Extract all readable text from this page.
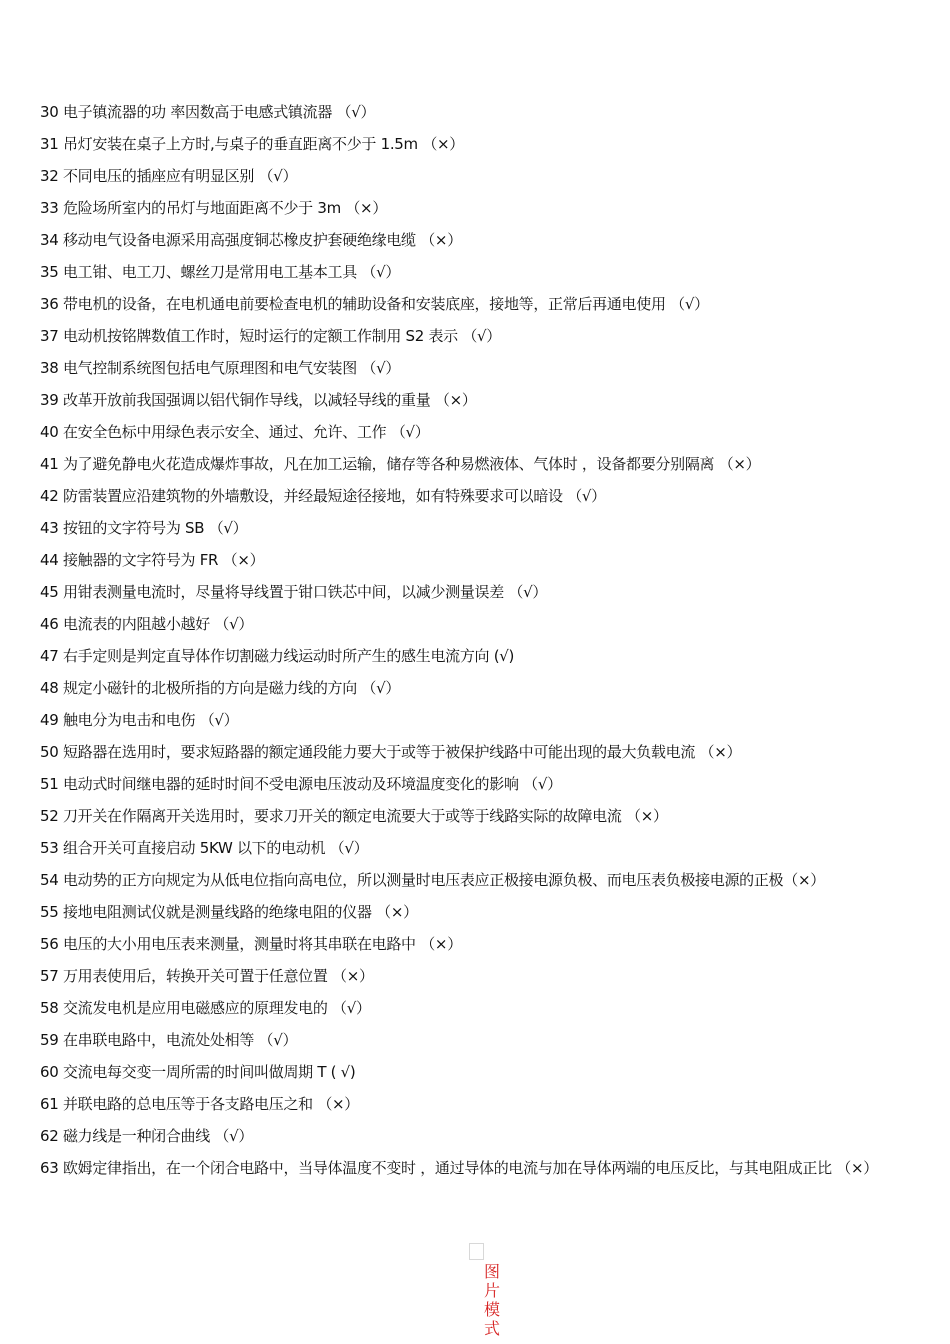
30 电子镇流器的功 率因数高于电感式镇流器 （√）
31 吊灯安装在桌子上方时,与桌子的垂直距离不少于 1.5m （×）
32 不同电压的插座应有明显区别 （√）
33 危险场所室内的吊灯与地面距离不少于 3m （×）
34 移动电气设备电源采用高强度铜芯橡皮护套硬绝缘电缆 （×）
35 电工钳、电工刀、螺丝刀是常用电工基本工具 （√）
36 带电机的设备，在电机通电前要检查电机的辅助设备和安装底座，接地等，正常后再通电使用 （√）
37 电动机按铭牌数值工作时，短时运行的定额工作制用 S2 表示 （√）
38 电气控制系统图包括电气原理图和电气安装图 （√）
39 改革开放前我国强调以铝代铜作导线，以减轻导线的重量 （×）
40 在安全色标中用绿色表示安全、通过、允许、工作 （√）
41 为了避免静电火花造成爆炸事故，凡在加工运输，储存等各种易燃液体、气体时 ，设备都要分别隔离 （×）
42 防雷装置应沿建筑物的外墙敷设，并经最短途径接地，如有特殊要求可以暗设 （√）
43 按钮的文字符号为 SB （√）
44 接触器的文字符号为 FR （×）
45 用钳表测量电流时，尽量将导线置于钳口铁芯中间，以减少测量误差 （√）
46 电流表的内阻越小越好 （√）
47 右手定则是判定直导体作切割磁力线运动时所产生的感生电流方向 (√)
48 规定小磁针的北极所指的方向是磁力线的方向 （√）
49 触电分为电击和电伤 （√）
50 短路器在选用时，要求短路器的额定通段能力要大于或等于被保护线路中可能出现的最大负载电流 （×）
51 电动式时间继电器的延时时间不受电源电压波动及环境温度变化的影响 （√）
52 刀开关在作隔离开关选用时，要求刀开关的额定电流要大于或等于线路实际的故障电流 （×）
53 组合开关可直接启动 5KW 以下的电动机 （√）
54 电动势的正方向规定为从低电位指向高电位，所以测量时电压表应正极接电源负极、而电压表负极接电源的正极（×）
55 接地电阻测试仪就是测量线路的绝缘电阻的仪器 （×）
56 电压的大小用电压表来测量，测量时将其串联在电路中 （×）
57 万用表使用后，转换开关可置于任意位置 （×）
58 交流发电机是应用电磁感应的原理发电的 （√）
59 在串联电路中，电流处处相等 （√）
60 交流电每交变一周所需的时间叫做周期 T ( √)
61 并联电路的总电压等于各支路电压之和 （×）
62 磁力线是一种闭合曲线 （√）
63 欧姆定律指出，在一个闭合电路中，当导体温度不变时 ，通过导体的电流与加在导体两端的电压反比，与其电阻成正比 （×）
图片模式
